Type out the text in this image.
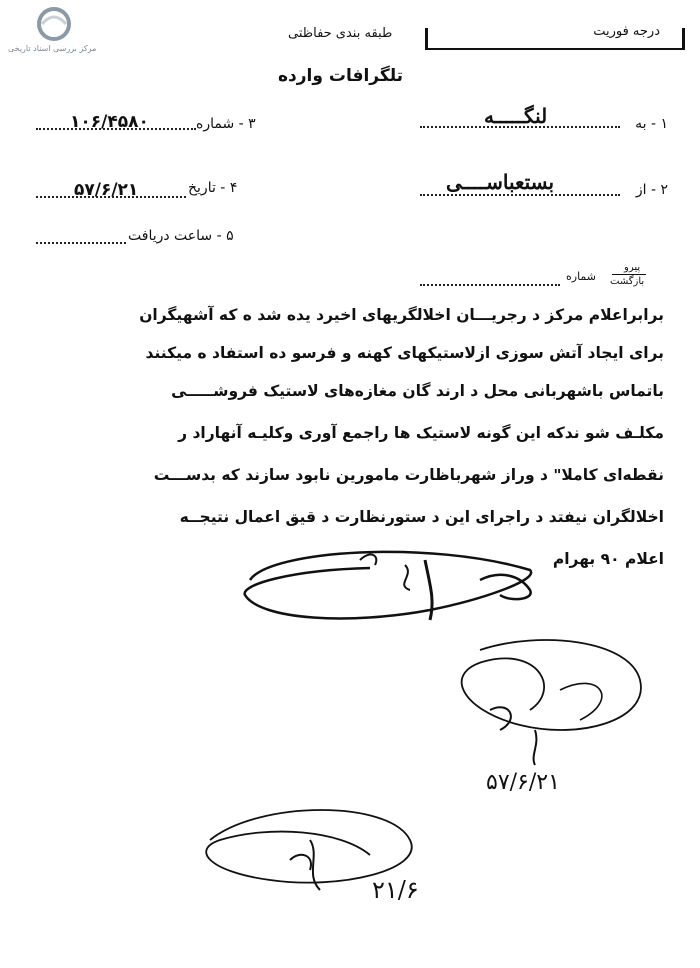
مرکز بررسی اسناد تاریخی
درجه فوریت
طبقه بندی حفاظتی
تلگرافات وارده
۱ - به
لنگـــــه
۳ - شماره
۱۰۶/۴۵۸۰
۲ - از
بستعباســــی
۴ - تاریخ
۵۷/۶/۲۱
۵ - ساعت دریافت
پیرو
بازگشت
شماره
برابراعلام مرکز د رجریـــان اخلالگریهای اخیرد یده شد ه که آشهیگران
برای ایجاد آتش سوزی ازلاستیکهای کهنه و فرسو ده استفاد ه میکنند
باتماس باشهربانی محل د ارند گان مغازه‌های لاستیک فروشـــــی
مکلـف شو ندکه این گونه لاستیک ها راجمع آوری وکلیـه آنهاراد ر
نقطه‌ای کاملا" د وراز شهرباظارت مامورین نابود سازند که بدســـت
اخلالگران نیفتد د راجرای این د ستورنظارت د قیق اعمال نتیجــه
اعلام ۹۰ بهرام
۵۷/۶/۲۱
۲۱/۶
